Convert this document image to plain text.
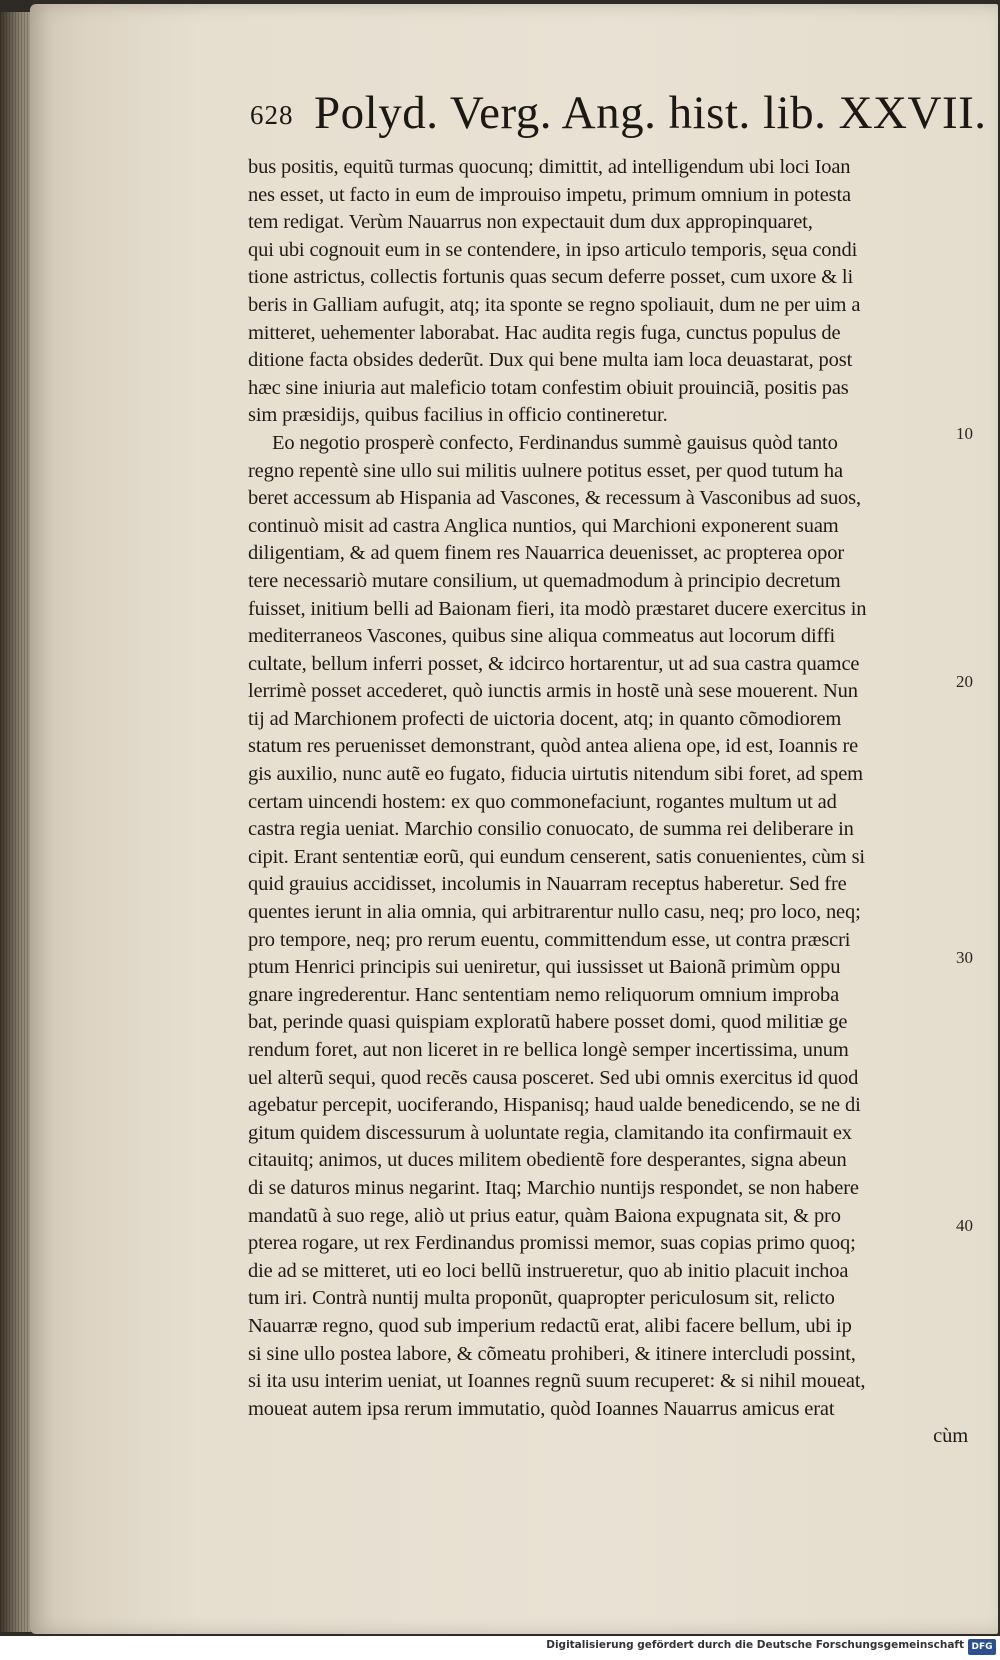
628 Polyd. Verg. Ang. hist. lib. XXVII.
bus positis, equitũ turmas quocunq; dimittit, ad intelligendum ubi loci Ioan
nes esset, ut facto in eum de improuiso impetu, primum omnium in potesta
tem redigat. Verùm Nauarrus non expectauit dum dux appropinquaret,
qui ubi cognouit eum in se contendere, in ipso articulo temporis, sęua condi
tione astrictus, collectis fortunis quas secum deferre posset, cum uxore & li
beris in Galliam aufugit, atq; ita sponte se regno spoliauit, dum ne per uim a
mitteret, uehementer laborabat. Hac audita regis fuga, cunctus populus de
ditione facta obsides dederũt. Dux qui bene multa iam loca deuastarat, post
hæc sine iniuria aut maleficio totam confestim obiuit prouinciã, positis pas
sim præsidijs, quibus facilius in officio contineretur.
Eo negotio prosperè confecto, Ferdinandus summè gauisus quòd tanto
regno repentè sine ullo sui militis uulnere potitus esset, per quod tutum ha
beret accessum ab Hispania ad Vascones, & recessum à Vasconibus ad suos,
continuò misit ad castra Anglica nuntios, qui Marchioni exponerent suam
diligentiam, & ad quem finem res Nauarrica deuenisset, ac propterea opor
tere necessariò mutare consilium, ut quemadmodum à principio decretum
fuisset, initium belli ad Baionam fieri, ita modò præstaret ducere exercitus in
mediterraneos Vascones, quibus sine aliqua commeatus aut locorum diffi
cultate, bellum inferri posset, & idcirco hortarentur, ut ad sua castra quamce
lerrimè posset accederet, quò iunctis armis in hostẽ unà sese mouerent. Nun
tij ad Marchionem profecti de uictoria docent, atq; in quanto cõmodiorem
statum res peruenisset demonstrant, quòd antea aliena ope, id est, Ioannis re
gis auxilio, nunc autẽ eo fugato, fiducia uirtutis nitendum sibi foret, ad spem
certam uincendi hostem: ex quo commonefaciunt, rogantes multum ut ad
castra regia ueniat. Marchio consilio conuocato, de summa rei deliberare in
cipit. Erant sententiæ eorũ, qui eundum censerent, satis conuenientes, cùm si
quid grauius accidisset, incolumis in Nauarram receptus haberetur. Sed fre
quentes ierunt in alia omnia, qui arbitrarentur nullo casu, neq; pro loco, neq;
pro tempore, neq; pro rerum euentu, committendum esse, ut contra præscri
ptum Henrici principis sui ueniretur, qui iussisset ut Baionã primùm oppu
gnare ingrederentur. Hanc sententiam nemo reliquorum omnium improba
bat, perinde quasi quispiam exploratũ habere posset domi, quod militiæ ge
rendum foret, aut non liceret in re bellica longè semper incertissima, unum
uel alterũ sequi, quod recẽs causa posceret. Sed ubi omnis exercitus id quod
agebatur percepit, uociferando, Hispanisq; haud ualde benedicendo, se ne di
gitum quidem discessurum à uoluntate regia, clamitando ita confirmauit ex
citauitq; animos, ut duces militem obedientẽ fore desperantes, signa abeun
di se daturos minus negarint. Itaq; Marchio nuntijs respondet, se non habere
mandatũ à suo rege, aliò ut prius eatur, quàm Baiona expugnata sit, & pro
pterea rogare, ut rex Ferdinandus promissi memor, suas copias primo quoq;
die ad se mitteret, uti eo loci bellũ instrueretur, quo ab initio placuit inchoa
tum iri. Contrà nuntij multa proponũt, quapropter periculosum sit, relicto
Nauarræ regno, quod sub imperium redactũ erat, alibi facere bellum, ubi ip
si sine ullo postea labore, & cõmeatu prohiberi, & itinere intercludi possint,
si ita usu interim ueniat, ut Ioannes regnũ suum recuperet: & si nihil moueat,
moueat autem ipsa rerum immutatio, quòd Ioannes Nauarrus amicus erat
cùm
10
20
30
40
Digitalisierung gefördert durch die Deutsche Forschungsgemeinschaft DFG
